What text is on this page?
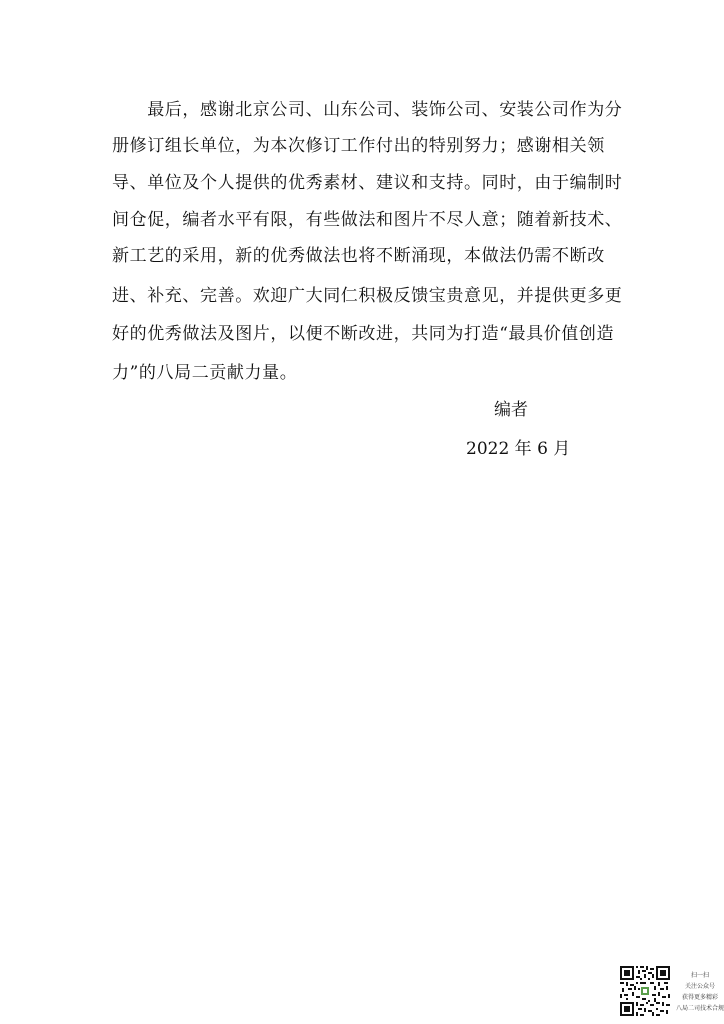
　　最后，感谢北京公司、山东公司、装饰公司、安装公司作为分
册修订组长单位，为本次修订工作付出的特别努力；感谢相关领
导、单位及个人提供的优秀素材、建议和支持。同时，由于编制时
间仓促，编者水平有限，有些做法和图片不尽人意；随着新技术、
新工艺的采用，新的优秀做法也将不断涌现，本做法仍需不断改
进、补充、完善。欢迎广大同仁积极反馈宝贵意见，并提供更多更
好的优秀做法及图片，以便不断改进，共同为打造“最具价值创造
力”的八局二贡献力量。
编者
2022 年 6 月
扫一扫
关注公众号
获得更多精彩
八局二司技术合规
